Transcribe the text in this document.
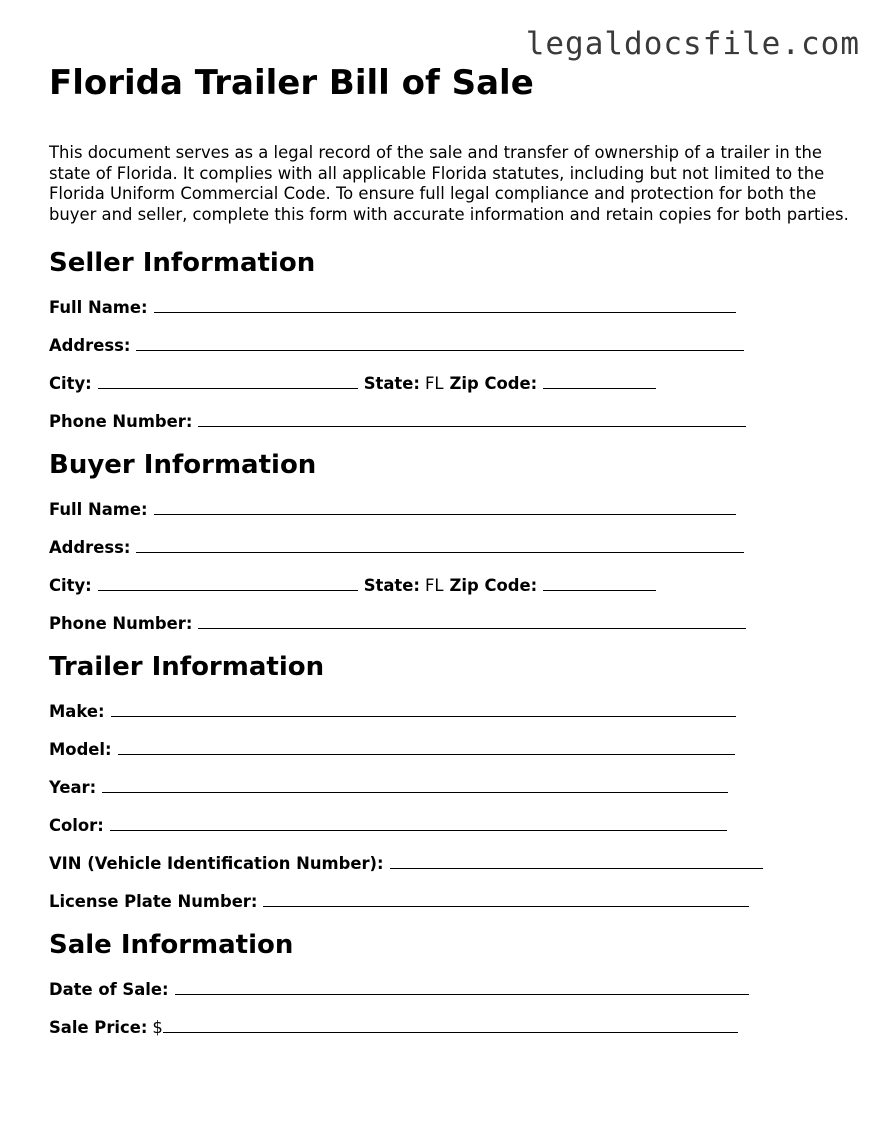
legaldocsfile.com

Florida Trailer Bill of Sale

This document serves as a legal record of the sale and transfer of ownership of a trailer in the state of Florida. It complies with all applicable Florida statutes, including but not limited to the Florida Uniform Commercial Code. To ensure full legal compliance and protection for both the buyer and seller, complete this form with accurate information and retain copies for both parties.

Seller Information
Full Name:
Address:
City:	State: FL Zip Code:
Phone Number:
Buyer Information
Full Name:
Address:
City:	State: FL Zip Code:
Phone Number:
Trailer Information
Make:
Model:
Year:
Color:
VIN (Vehicle Identification Number):
License Plate Number:
Sale Information
Date of Sale:
Sale Price: $
